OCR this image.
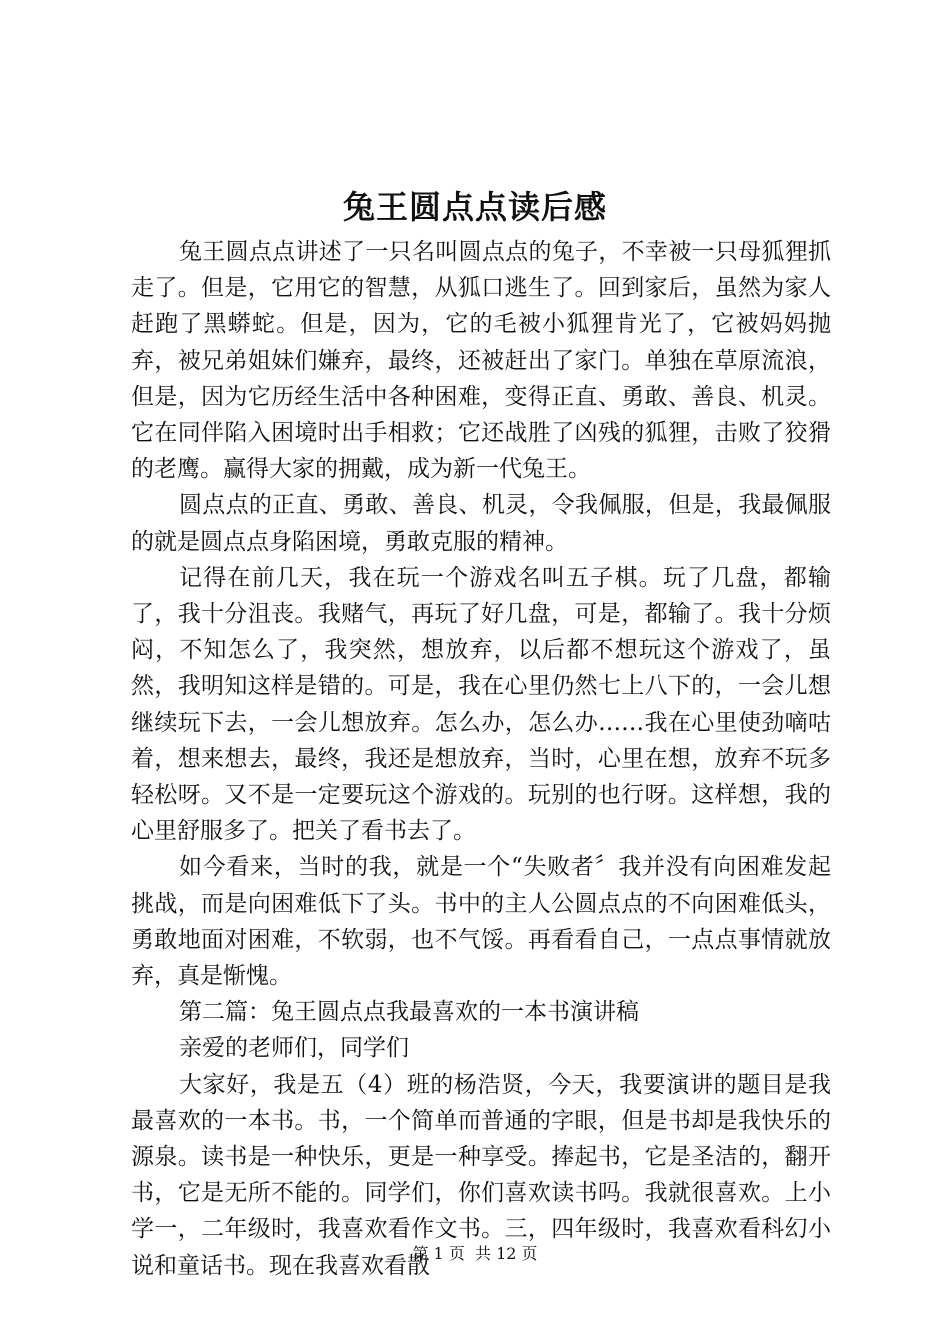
兔王圆点点读后感

兔王圆点点讲述了一只名叫圆点点的兔子，不幸被一只母狐狸抓走了。但是，它用它的智慧，从狐口逃生了。回到家后，虽然为家人赶跑了黑蟒蛇。但是，因为，它的毛被小狐狸肯光了，它被妈妈抛弃，被兄弟姐妹们嫌弃，最终，还被赶出了家门。单独在草原流浪，但是，因为它历经生活中各种困难，变得正直、勇敢、善良、机灵。它在同伴陷入困境时出手相救；它还战胜了凶残的狐狸，击败了狡猾的老鹰。赢得大家的拥戴，成为新一代兔王。

圆点点的正直、勇敢、善良、机灵，令我佩服，但是，我最佩服的就是圆点点身陷困境，勇敢克服的精神。

记得在前几天，我在玩一个游戏名叫五子棋。玩了几盘，都输了，我十分沮丧。我赌气，再玩了好几盘，可是，都输了。我十分烦闷，不知怎么了，我突然，想放弃，以后都不想玩这个游戏了，虽然，我明知这样是错的。可是，我在心里仍然七上八下的，一会儿想继续玩下去，一会儿想放弃。怎么办，怎么办……我在心里使劲嘀咕着，想来想去，最终，我还是想放弃，当时，心里在想，放弃不玩多轻松呀。又不是一定要玩这个游戏的。玩别的也行呀。这样想，我的心里舒服多了。把关了看书去了。

如今看来，当时的我，就是一个“失败者〞我并没有向困难发起挑战，而是向困难低下了头。书中的主人公圆点点的不向困难低头，勇敢地面对困难，不软弱，也不气馁。再看看自己，一点点事情就放弃，真是惭愧。

第二篇：兔王圆点点我最喜欢的一本书演讲稿

亲爱的老师们，同学们

大家好，我是五（4）班的杨浩贤，今天，我要演讲的题目是我最喜欢的一本书。书，一个简单而普通的字眼，但是书却是我快乐的源泉。读书是一种快乐，更是一种享受。捧起书，它是圣洁的，翻开书，它是无所不能的。同学们，你们喜欢读书吗。我就很喜欢。上小学一，二年级时，我喜欢看作文书。三，四年级时，我喜欢看科幻小说和童话书。现在我喜欢看散

第 1 页  共 12 页
